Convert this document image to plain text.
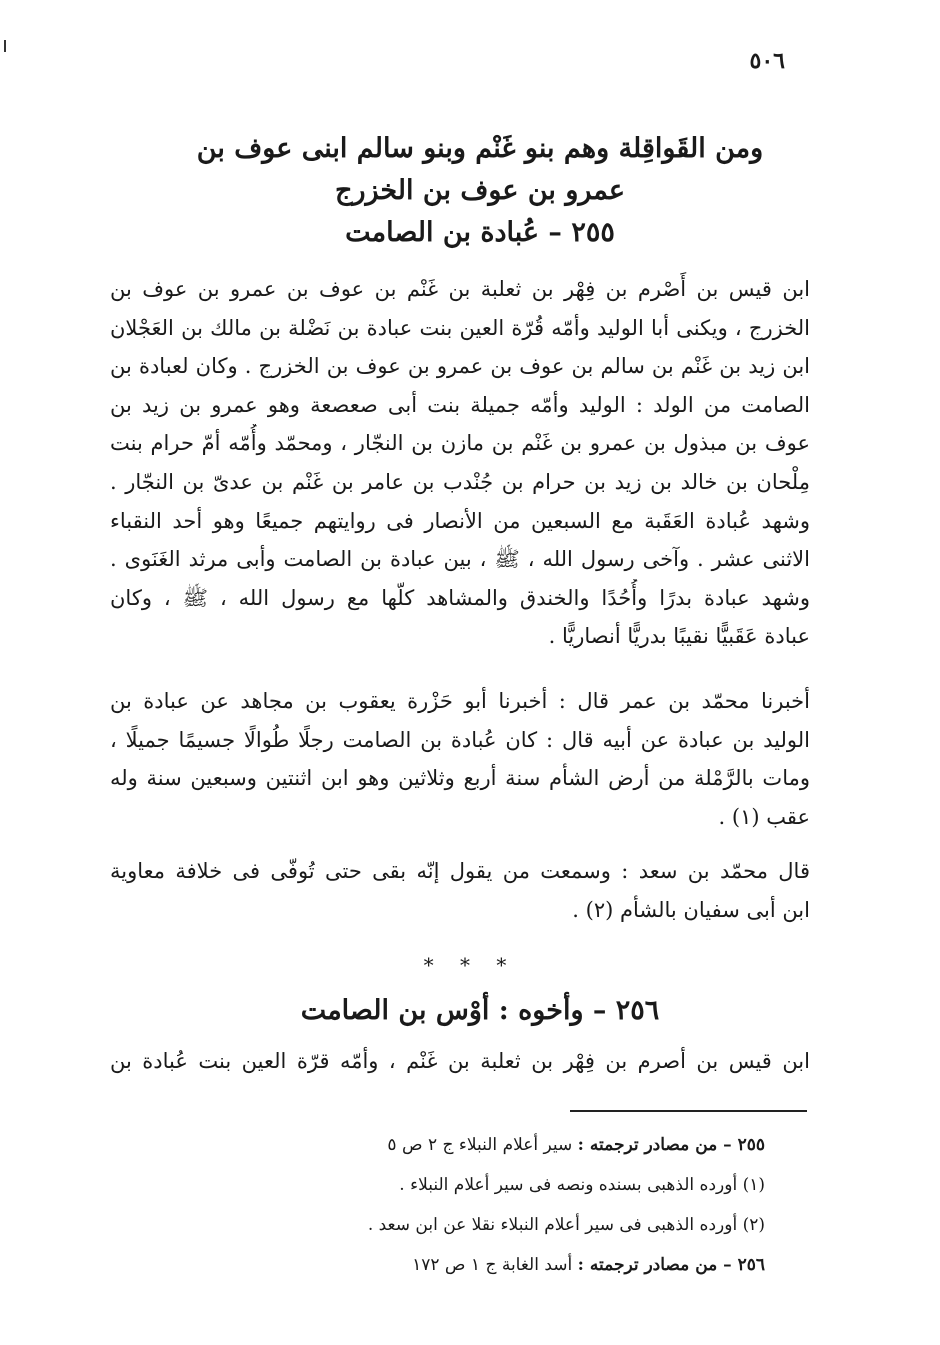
٥٠٦
ومن القَواقِلة وهم بنو غَنْم وبنو سالم ابنى عوف بن
عمرو بن عوف بن الخزرج
٢٥٥ – عُبادة بن الصامت
ابن قيس بن أَصْرم بن فِهْر بن ثعلبة بن غَنْم بن عوف بن عمرو بن عوف بن
الخزرج ، ويكنى أبا الوليد وأمّه قُرّة العين بنت عبادة بن نَضْلة بن مالك بن العَجْلان
ابن زيد بن غَنْم بن سالم بن عوف بن عمرو بن عوف بن الخزرج . وكان لعبادة بن
الصامت من الولد : الوليد وأمّه جميلة بنت أبى صعصعة وهو عمرو بن زيد بن
عوف بن مبذول بن عمرو بن غَنْم بن مازن بن النجّار ، ومحمّد وأُمّه أمّ حرام بنت
مِلْحان بن خالد بن زيد بن حرام بن جُنْدب بن عامر بن غَنْم بن عدىّ بن النجّار .
وشهد عُبادة العَقَبة مع السبعين من الأنصار فى روايتهم جميعًا وهو أحد النقباء
الاثنى عشر . وآخى رسول الله ، ﷺ ، بين عبادة بن الصامت وأبى مرثد الغَنَوى .
وشهد عبادة بدرًا وأُحُدًا والخندق والمشاهد كلّها مع رسول الله ، ﷺ ، وكان
عبادة عَقَبيًّا نقيبًا بدريًّا أنصاريًّا .
أخبرنا محمّد بن عمر قال : أخبرنا أبو حَزْرة يعقوب بن مجاهد عن عبادة بن
الوليد بن عبادة عن أبيه قال : كان عُبادة بن الصامت رجلًا طُوالًا جسيمًا جميلًا ،
ومات بالرَّمْلة من أرض الشأم سنة أربع وثلاثين وهو ابن اثنتين وسبعين سنة وله
عقب (١) .
قال محمّد بن سعد : وسمعت من يقول إنّه بقى حتى تُوفّى فى خلافة معاوية
ابن أبى سفيان بالشأم (٢) .
* * *
٢٥٦ – وأخوه : أوْس بن الصامت
ابن قيس بن أصرم بن فِهْر بن ثعلبة بن غَنْم ، وأمّه قرّة العين بنت عُبادة بن
٢٥٥ – من مصادر ترجمته : سير أعلام النبلاء ج ٢ ص ٥
(١) أورده الذهبى بسنده ونصه فى سير أعلام النبلاء .
(٢) أورده الذهبى فى سير أعلام النبلاء نقلا عن ابن سعد .
٢٥٦ – من مصادر ترجمته : أسد الغابة ج ١ ص ١٧٢
